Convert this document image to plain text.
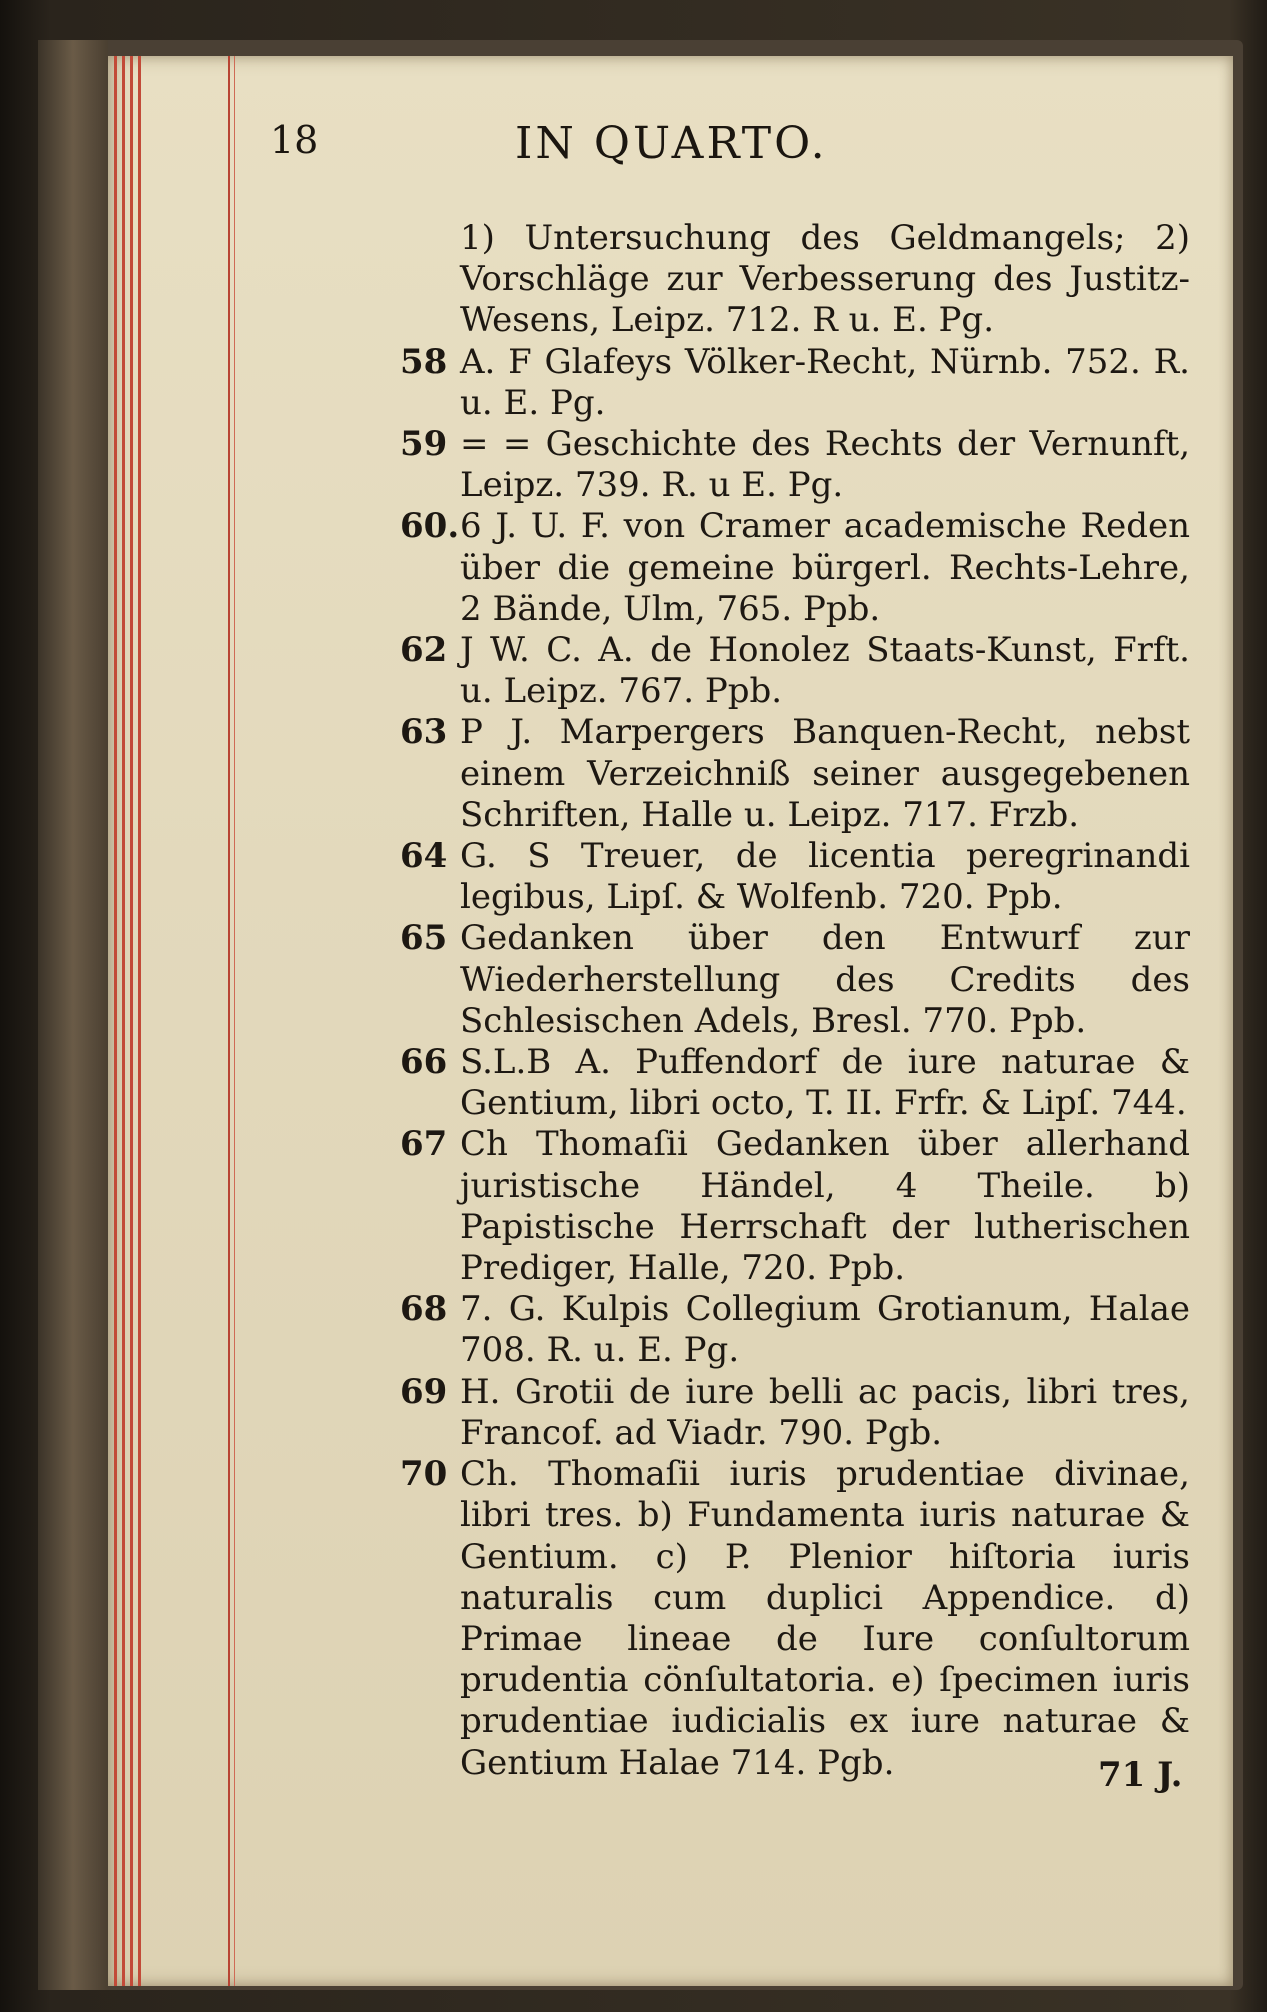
18	IN QUARTO.

1) Untersuchung des Geldmangels; 2) Vorschläge zur Verbesserung des Justitz-Wesens, Leipz. 712. R u. E. Pg.

58 A. F Glafeys Völker-Recht, Nürnb. 752. R. u. E. Pg.

59 = = Geschichte des Rechts der Vernunft, Leipz. 739. R. u E. Pg.

60.6 J. U. F. von Cramer academische Reden über die gemeine bürgerl. Rechts-Lehre, 2 Bände, Ulm, 765. Ppb.

62 J W. C. A. de Honolez Staats-Kunst, Frft. u. Leipz. 767. Ppb.

63 P J. Marpergers Banquen-Recht, nebst einem Verzeichniß seiner ausgegebenen Schriften, Halle u. Leipz. 717. Frzb.

64 G. S Treuer, de licentia peregrinandi legibus, Lipſ. & Wolfenb. 720. Ppb.

65 Gedanken über den Entwurf zur Wiederherstellung des Credits des Schlesischen Adels, Bresl. 770. Ppb.

66 S.L.B A. Puffendorf de iure naturae & Gentium, libri octo, T. II. Frfr. & Lipſ. 744.

67 Ch Thomaſii Gedanken über allerhand juristische Händel, 4 Theile. b) Papistische Herrschaft der lutherischen Prediger, Halle, 720. Ppb.

68 7. G. Kulpis Collegium Grotianum, Halae 708. R. u. E. Pg.

69 H. Grotii de iure belli ac pacis, libri tres, Francof. ad Viadr. 790. Pgb.

70 Ch. Thomaſii iuris prudentiae divinae, libri tres. b) Fundamenta iuris naturae & Gentium. c) P. Plenior hiſtoria iuris naturalis cum duplici Appendice. d) Primae lineae de Iure conſultorum prudentia cönſultatoria. e) ſpecimen iuris prudentiae iudicialis ex iure naturae & Gentium Halae 714. Pgb.	71 J.
